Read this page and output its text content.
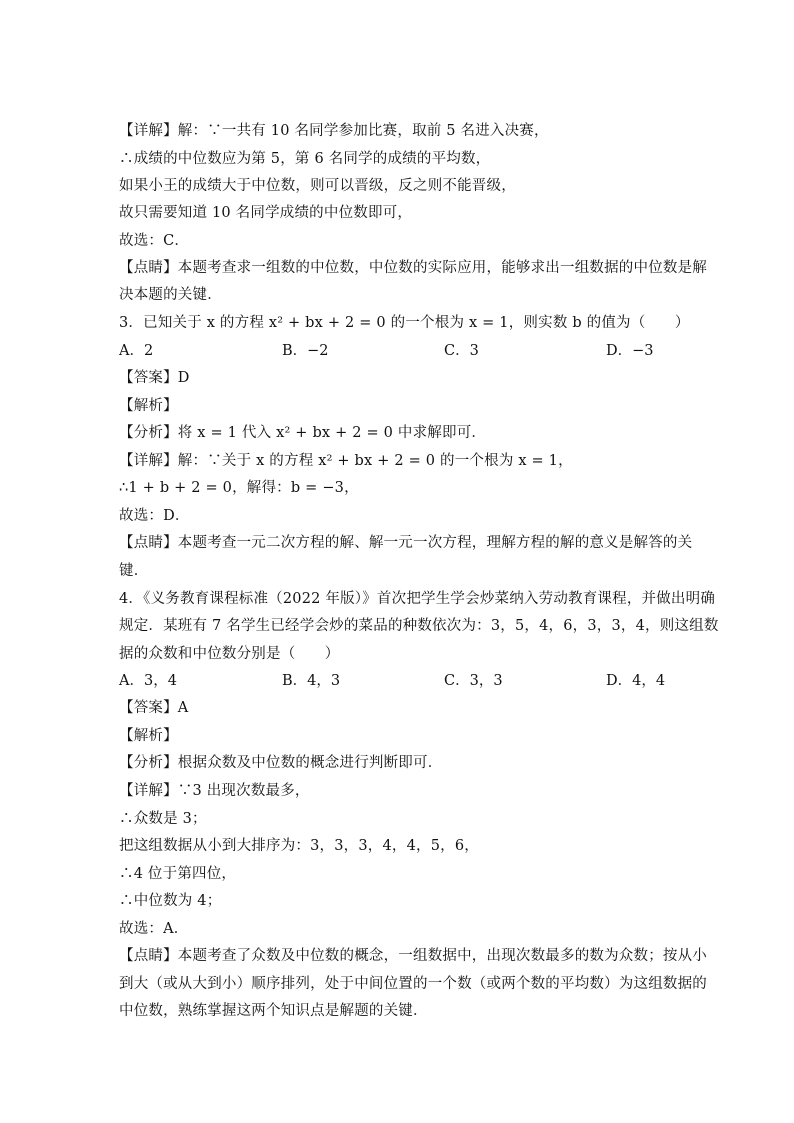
【详解】解：∵一共有 10 名同学参加比赛，取前 5 名进入决赛，
∴成绩的中位数应为第 5，第 6 名同学的成绩的平均数，
如果小王的成绩大于中位数，则可以晋级，反之则不能晋级，
故只需要知道 10 名同学成绩的中位数即可，
故选：C．
【点睛】本题考查求一组数的中位数，中位数的实际应用，能够求出一组数据的中位数是解
决本题的关键．
3．已知关于 x 的方程 x² + bx + 2 = 0 的一个根为 x = 1，则实数 b 的值为（　　）
A．2	B．−2	C．3	D．−3
【答案】D
【解析】
【分析】将 x = 1 代入 x² + bx + 2 = 0 中求解即可．
【详解】解：∵关于 x 的方程 x² + bx + 2 = 0 的一个根为 x = 1，
∴1 + b + 2 = 0，解得：b = −3，
故选：D．
【点睛】本题考查一元二次方程的解、解一元一次方程，理解方程的解的意义是解答的关
键．
4．《义务教育课程标准（2022 年版）》首次把学生学会炒菜纳入劳动教育课程，并做出明确
规定．某班有 7 名学生已经学会炒的菜品的种数依次为：3，5，4，6，3，3，4，则这组数
据的众数和中位数分别是（　　）
A．3，4	B．4，3	C．3，3	D．4，4
【答案】A
【解析】
【分析】根据众数及中位数的概念进行判断即可．
【详解】∵3 出现次数最多，
∴众数是 3；
把这组数据从小到大排序为：3，3，3，4，4，5，6，
∴4 位于第四位，
∴中位数为 4；
故选：A．
【点睛】本题考查了众数及中位数的概念，一组数据中，出现次数最多的数为众数；按从小
到大（或从大到小）顺序排列，处于中间位置的一个数（或两个数的平均数）为这组数据的
中位数，熟练掌握这两个知识点是解题的关键．
